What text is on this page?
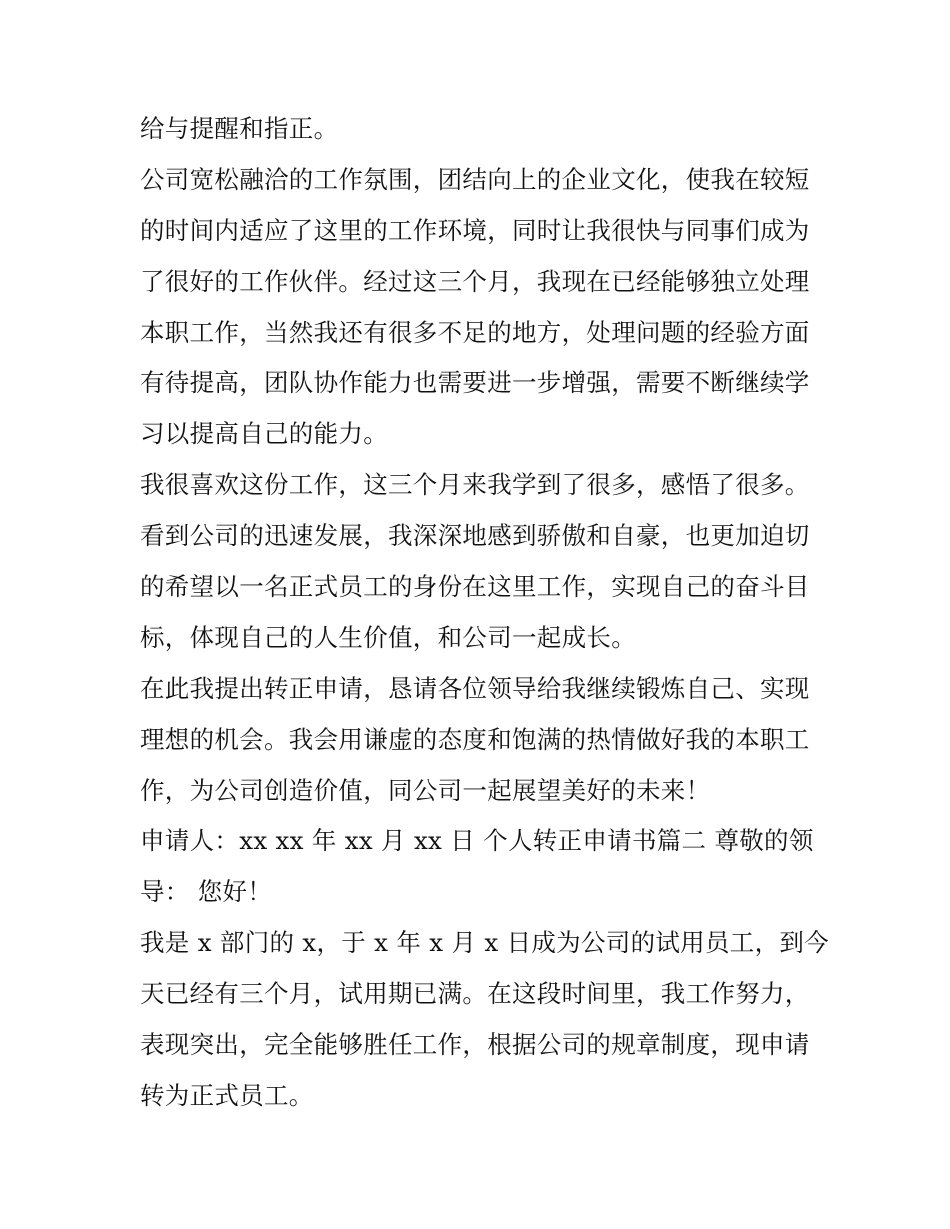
给与提醒和指正。
公司宽松融洽的工作氛围，团结向上的企业文化，使我在较短
的时间内适应了这里的工作环境，同时让我很快与同事们成为
了很好的工作伙伴。经过这三个月，我现在已经能够独立处理
本职工作，当然我还有很多不足的地方，处理问题的经验方面
有待提高，团队协作能力也需要进一步增强，需要不断继续学
习以提高自己的能力。
我很喜欢这份工作，这三个月来我学到了很多，感悟了很多。
看到公司的迅速发展，我深深地感到骄傲和自豪，也更加迫切
的希望以一名正式员工的身份在这里工作，实现自己的奋斗目
标，体现自己的人生价值，和公司一起成长。
在此我提出转正申请，恳请各位领导给我继续锻炼自己、实现
理想的机会。我会用谦虚的态度和饱满的热情做好我的本职工
作，为公司创造价值，同公司一起展望美好的未来！
申请人：xx xx 年 xx 月 xx 日 个人转正申请书篇二 尊敬的领
导： 您好！
我是 x 部门的 x，于 x 年 x 月 x 日成为公司的试用员工，到今
天已经有三个月，试用期已满。在这段时间里，我工作努力，
表现突出，完全能够胜任工作，根据公司的规章制度，现申请
转为正式员工。
